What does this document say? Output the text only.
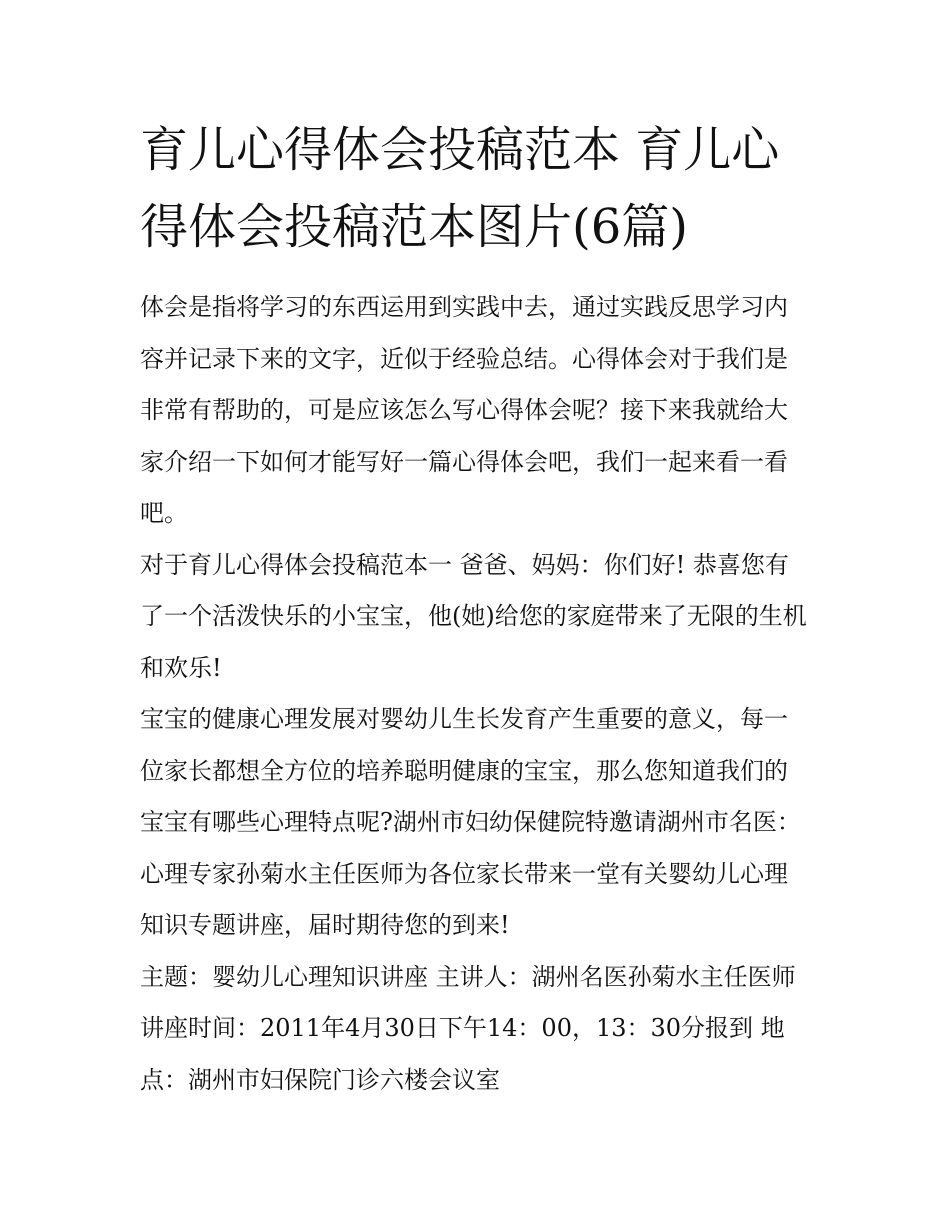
育儿心得体会投稿范本 育儿心得体会投稿范本图片(6篇)

体会是指将学习的东西运用到实践中去，通过实践反思学习内容并记录下来的文字，近似于经验总结。心得体会对于我们是非常有帮助的，可是应该怎么写心得体会呢？接下来我就给大家介绍一下如何才能写好一篇心得体会吧，我们一起来看一看吧。

对于育儿心得体会投稿范本一 爸爸、妈妈：你们好! 恭喜您有了一个活泼快乐的小宝宝，他(她)给您的家庭带来了无限的生机和欢乐!

宝宝的健康心理发展对婴幼儿生长发育产生重要的意义，每一位家长都想全方位的培养聪明健康的宝宝，那么您知道我们的宝宝有哪些心理特点呢?湖州市妇幼保健院特邀请湖州市名医：心理专家孙菊水主任医师为各位家长带来一堂有关婴幼儿心理知识专题讲座，届时期待您的到来!

主题：婴幼儿心理知识讲座 主讲人：湖州名医孙菊水主任医师 讲座时间：2011年4月30日下午14：00，13：30分报到 地点：湖州市妇保院门诊六楼会议室
